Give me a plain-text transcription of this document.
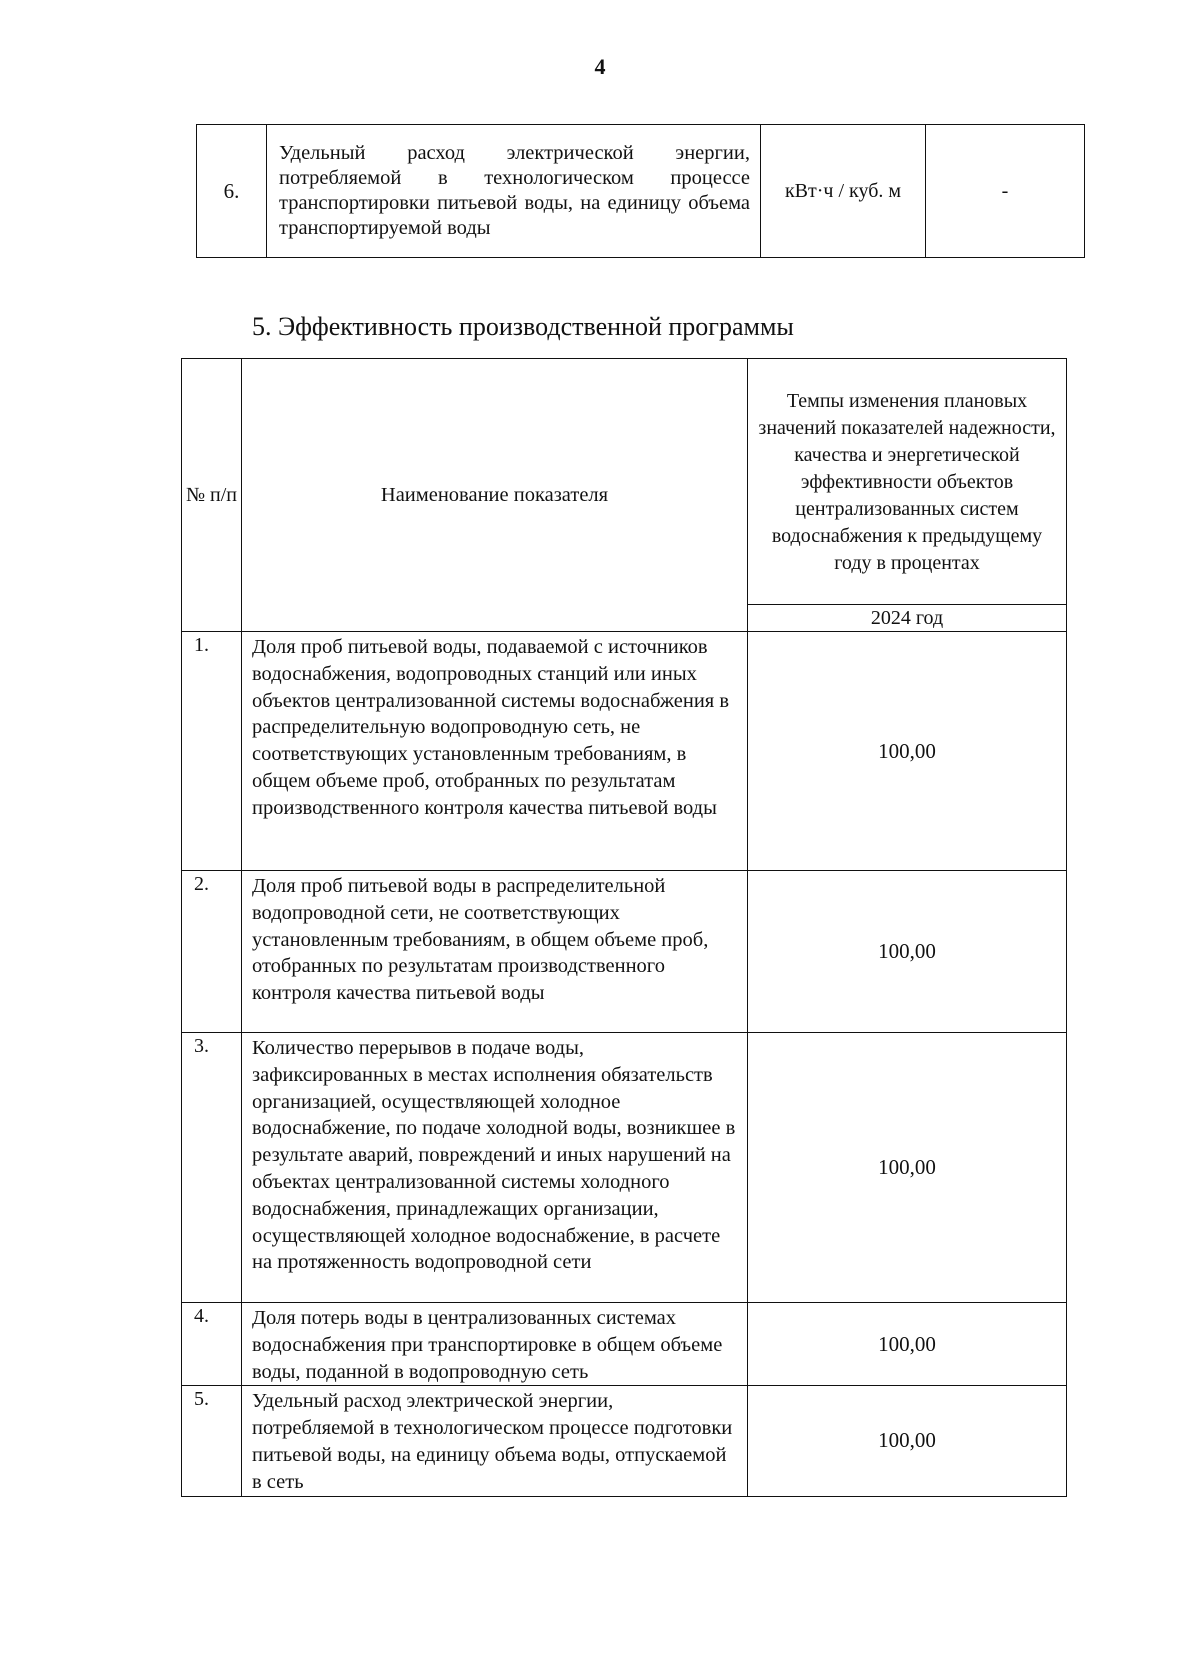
4
6.	Удельный расход электрической энергии, потребляемой в технологическом процессе транспортировки питьевой воды, на единицу объема транспортируемой воды	кВт·ч / куб. м	-
5. Эффективность производственной программы
№ п/п	Наименование показателя	Темпы изменения плановых значений показателей надежности, качества и энергетической эффективности объектов централизованных систем водоснабжения к предыдущему году в процентах
		2024 год
1.	Доля проб питьевой воды, подаваемой с источников водоснабжения, водопроводных станций или иных объектов централизованной системы водоснабжения в распределительную водопроводную сеть, не соответствующих установленным требованиям, в общем объеме проб, отобранных по результатам производственного контроля качества питьевой воды	100,00
2.	Доля проб питьевой воды в распределительной водопроводной сети, не соответствующих установленным требованиям, в общем объеме проб, отобранных по результатам производственного контроля качества питьевой воды	100,00
3.	Количество перерывов в подаче воды, зафиксированных в местах исполнения обязательств организацией, осуществляющей холодное водоснабжение, по подаче холодной воды, возникшее в результате аварий, повреждений и иных нарушений на объектах централизованной системы холодного водоснабжения, принадлежащих организации, осуществляющей холодное водоснабжение, в расчете на протяженность водопроводной сети	100,00
4.	Доля потерь воды в централизованных системах водоснабжения при транспортировке в общем объеме воды, поданной в водопроводную сеть	100,00
5.	Удельный расход электрической энергии, потребляемой в технологическом процессе подготовки питьевой воды, на единицу объема воды, отпускаемой в сеть	100,00
